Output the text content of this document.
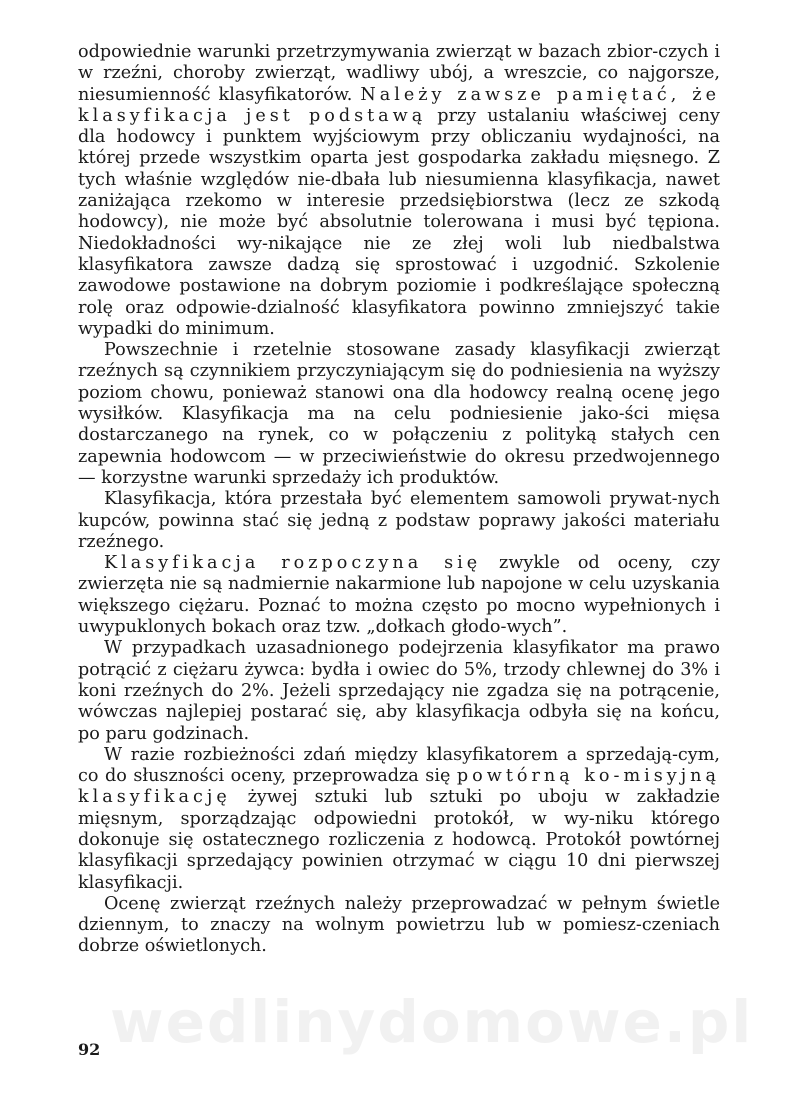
odpowiednie warunki przetrzymywania zwierząt w bazach zbior-czych i w rzeźni, choroby zwierząt, wadliwy ubój, a wreszcie, co najgorsze, niesumienność klasyfikatorów. Należy zawsze pamiętać, że klasyfikacja jest podstawą przy ustalaniu właściwej ceny dla hodowcy i punktem wyjściowym przy obliczaniu wydajności, na której przede wszystkim oparta jest gospodarka zakładu mięsnego. Z tych właśnie względów nie-dbała lub niesumienna klasyfikacja, nawet zaniżająca rzekomo w interesie przedsiębiorstwa (lecz ze szkodą hodowcy), nie może być absolutnie tolerowana i musi być tępiona. Niedokładności wy-nikające nie ze złej woli lub niedbalstwa klasyfikatora zawsze dadzą się sprostować i uzgodnić. Szkolenie zawodowe postawione na dobrym poziomie i podkreślające społeczną rolę oraz odpowie-dzialność klasyfikatora powinno zmniejszyć takie wypadki do minimum.

Powszechnie i rzetelnie stosowane zasady klasyfikacji zwierząt rzeźnych są czynnikiem przyczyniającym się do podniesienia na wyższy poziom chowu, ponieważ stanowi ona dla hodowcy realną ocenę jego wysiłków. Klasyfikacja ma na celu podniesienie jako-ści mięsa dostarczanego na rynek, co w połączeniu z polityką stałych cen zapewnia hodowcom — w przeciwieństwie do okresu przedwojennego — korzystne warunki sprzedaży ich produktów.

Klasyfikacja, która przestała być elementem samowoli prywat-nych kupców, powinna stać się jedną z podstaw poprawy jakości materiału rzeźnego.

Klasyfikacja rozpoczyna się zwykle od oceny, czy zwierzęta nie są nadmiernie nakarmione lub napojone w celu uzyskania większego ciężaru. Poznać to można często po mocno wypełnionych i uwypuklonych bokach oraz tzw. „dołkach głodo-wych”.

W przypadkach uzasadnionego podejrzenia klasyfikator ma prawo potrącić z ciężaru żywca: bydła i owiec do 5%, trzody chlewnej do 3% i koni rzeźnych do 2%. Jeżeli sprzedający nie zgadza się na potrącenie, wówczas najlepiej postarać się, aby klasyfikacja odbyła się na końcu, po paru godzinach.

W razie rozbieżności zdań między klasyfikatorem a sprzedają-cym, co do słuszności oceny, przeprowadza się powtórną ko-misyjną klasyfikację żywej sztuki lub sztuki po uboju w zakładzie mięsnym, sporządzając odpowiedni protokół, w wy-niku którego dokonuje się ostatecznego rozliczenia z hodowcą. Protokół powtórnej klasyfikacji sprzedający powinien otrzymać w ciągu 10 dni pierwszej klasyfikacji.

Ocenę zwierząt rzeźnych należy przeprowadzać w pełnym świetle dziennym, to znaczy na wolnym powietrzu lub w pomiesz-czeniach dobrze oświetlonych.

wedlinydomowe.pl
92
